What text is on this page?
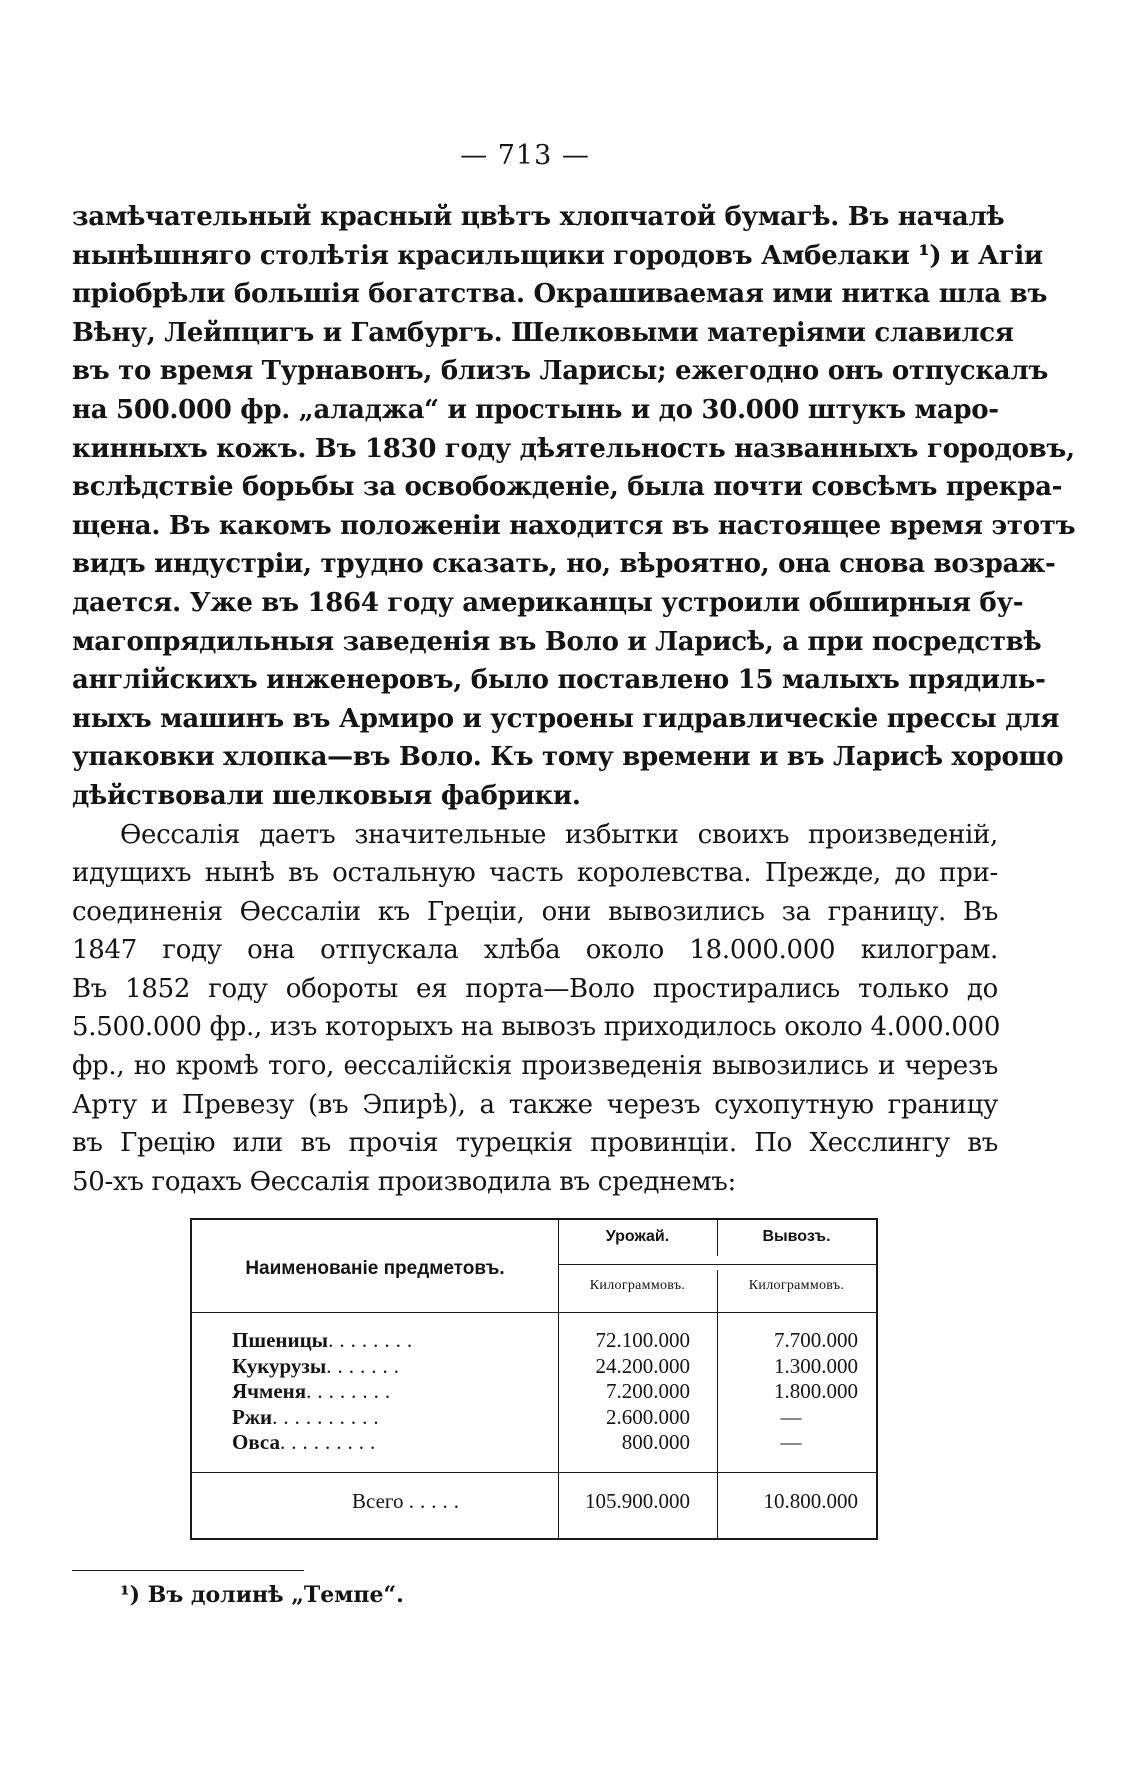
— 713 —
замѣчательный красный цвѣтъ хлопчатой бумагѣ. Въ началѣ
нынѣшняго столѣтія красильщики городовъ Амбелаки ¹) и Агіи
пріобрѣли большія богатства. Окрашиваемая ими нитка шла въ
Вѣну, Лейпцигъ и Гамбургъ. Шелковыми матеріями славился
въ то время Турнавонъ, близъ Ларисы; ежегодно онъ отпускалъ
на 500.000 фр. „аладжа“ и простынь и до 30.000 штукъ маро-
кинныхъ кожъ. Въ 1830 году дѣятельность названныхъ городовъ,
вслѣдствіе борьбы за освобожденіе, была почти совсѣмъ прекра-
щена. Въ какомъ положеніи находится въ настоящее время этотъ
видъ индустріи, трудно сказать, но, вѣроятно, она снова возраж-
дается. Уже въ 1864 году американцы устроили обширныя бу-
магопрядильныя заведенія въ Воло и Ларисѣ, а при посредствѣ
англійскихъ инженеровъ, было поставлено 15 малыхъ прядиль-
ныхъ машинъ въ Армиро и устроены гидравлическіе прессы для
упаковки хлопка—въ Воло. Къ тому времени и въ Ларисѣ хорошо
дѣйствовали шелковыя фабрики.
Ѳессалія даетъ значительные избытки своихъ произведеній,
идущихъ нынѣ въ остальную часть королевства. Прежде, до при-
соединенія Ѳессаліи къ Греціи, они вывозились за границу. Въ
1847 году она отпускала хлѣба около 18.000.000 килограм.
Въ 1852 году обороты ея порта—Воло простирались только до
5.500.000 фр., изъ которыхъ на вывозъ приходилось около 4.000.000
фр., но кромѣ того, ѳессалійскія произведенія вывозились и черезъ
Арту и Превезу (въ Эпирѣ), а также черезъ сухопутную границу
въ Грецію или въ прочія турецкія провинціи. По Хесслингу въ
50-хъ годахъ Ѳессалія производила въ среднемъ:
Наименованіе предметовъ.
Урожай.	Вывозъ.
Килограммовъ.	Килограммовъ.
Пшеницы........	72.100.000	7.700.000
Кукурузы.......	24.200.000	1.300.000
Ячменя........	7.200.000	1.800.000
Ржи..........	2.600.000	—
Овса.........	800.000	—
Всего .....	105.900.000	10.800.000
¹) Въ долинѣ „Темпе“.
